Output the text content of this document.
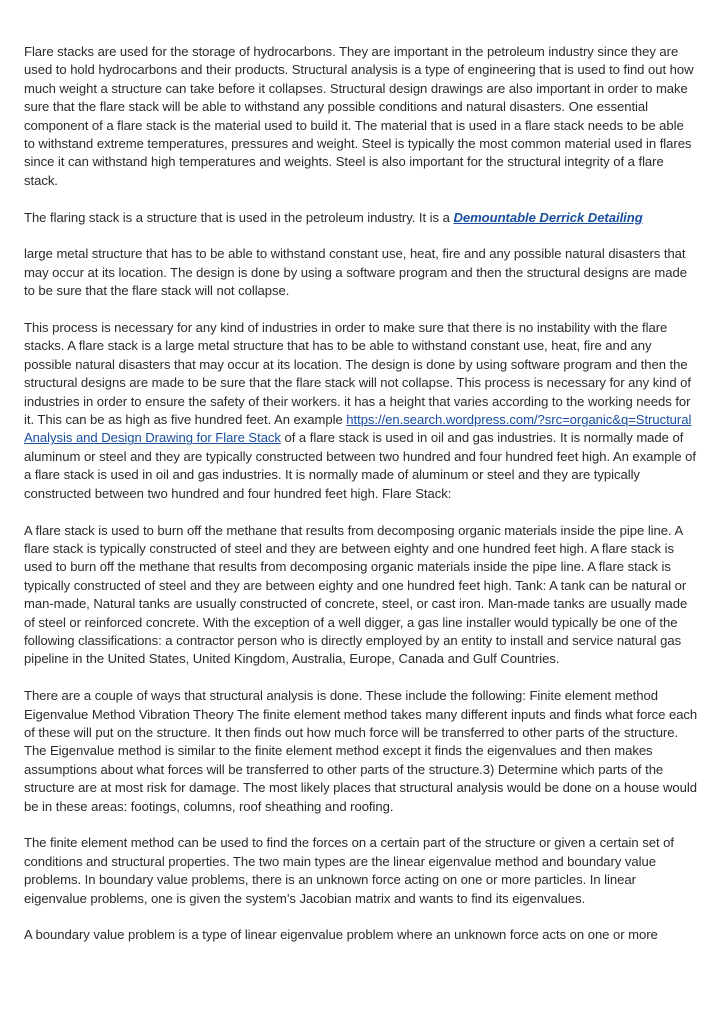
Flare stacks are used for the storage of hydrocarbons. They are important in the petroleum industry since they are used to hold hydrocarbons and their products. Structural analysis is a type of engineering that is used to find out how much weight a structure can take before it collapses. Structural design drawings are also important in order to make sure that the flare stack will be able to withstand any possible conditions and natural disasters. One essential component of a flare stack is the material used to build it. The material that is used in a flare stack needs to be able to withstand extreme temperatures, pressures and weight. Steel is typically the most common material used in flares since it can withstand high temperatures and weights. Steel is also important for the structural integrity of a flare stack.

The flaring stack is a structure that is used in the petroleum industry. It is a Demountable Derrick Detailing

large metal structure that has to be able to withstand constant use, heat, fire and any possible natural disasters that may occur at its location. The design is done by using a software program and then the structural designs are made to be sure that the flare stack will not collapse.

This process is necessary for any kind of industries in order to make sure that there is no instability with the flare stacks. A flare stack is a large metal structure that has to be able to withstand constant use, heat, fire and any possible natural disasters that may occur at its location. The design is done by using software program and then the structural designs are made to be sure that the flare stack will not collapse. This process is necessary for any kind of industries in order to ensure the safety of their workers. it has a height that varies according to the working needs for it. This can be as high as five hundred feet. An example https://en.search.wordpress.com/?src=organic&q=Structural Analysis and Design Drawing for Flare Stack of a flare stack is used in oil and gas industries. It is normally made of aluminum or steel and they are typically constructed between two hundred and four hundred feet high. An example of a flare stack is used in oil and gas industries. It is normally made of aluminum or steel and they are typically constructed between two hundred and four hundred feet high. Flare Stack:

A flare stack is used to burn off the methane that results from decomposing organic materials inside the pipe line. A flare stack is typically constructed of steel and they are between eighty and one hundred feet high. A flare stack is used to burn off the methane that results from decomposing organic materials inside the pipe line. A flare stack is typically constructed of steel and they are between eighty and one hundred feet high. Tank: A tank can be natural or man-made, Natural tanks are usually constructed of concrete, steel, or cast iron. Man-made tanks are usually made of steel or reinforced concrete. With the exception of a well digger, a gas line installer would typically be one of the following classifications: a contractor person who is directly employed by an entity to install and service natural gas pipeline in the United States, United Kingdom, Australia, Europe, Canada and Gulf Countries.

There are a couple of ways that structural analysis is done. These include the following: Finite element method Eigenvalue Method Vibration Theory The finite element method takes many different inputs and finds what force each of these will put on the structure. It then finds out how much force will be transferred to other parts of the structure. The Eigenvalue method is similar to the finite element method except it finds the eigenvalues and then makes assumptions about what forces will be transferred to other parts of the structure.3) Determine which parts of the structure are at most risk for damage. The most likely places that structural analysis would be done on a house would be in these areas: footings, columns, roof sheathing and roofing.

The finite element method can be used to find the forces on a certain part of the structure or given a certain set of conditions and structural properties. The two main types are the linear eigenvalue method and boundary value problems. In boundary value problems, there is an unknown force acting on one or more particles. In linear eigenvalue problems, one is given the system’s Jacobian matrix and wants to find its eigenvalues.

A boundary value problem is a type of linear eigenvalue problem where an unknown force acts on one or more
